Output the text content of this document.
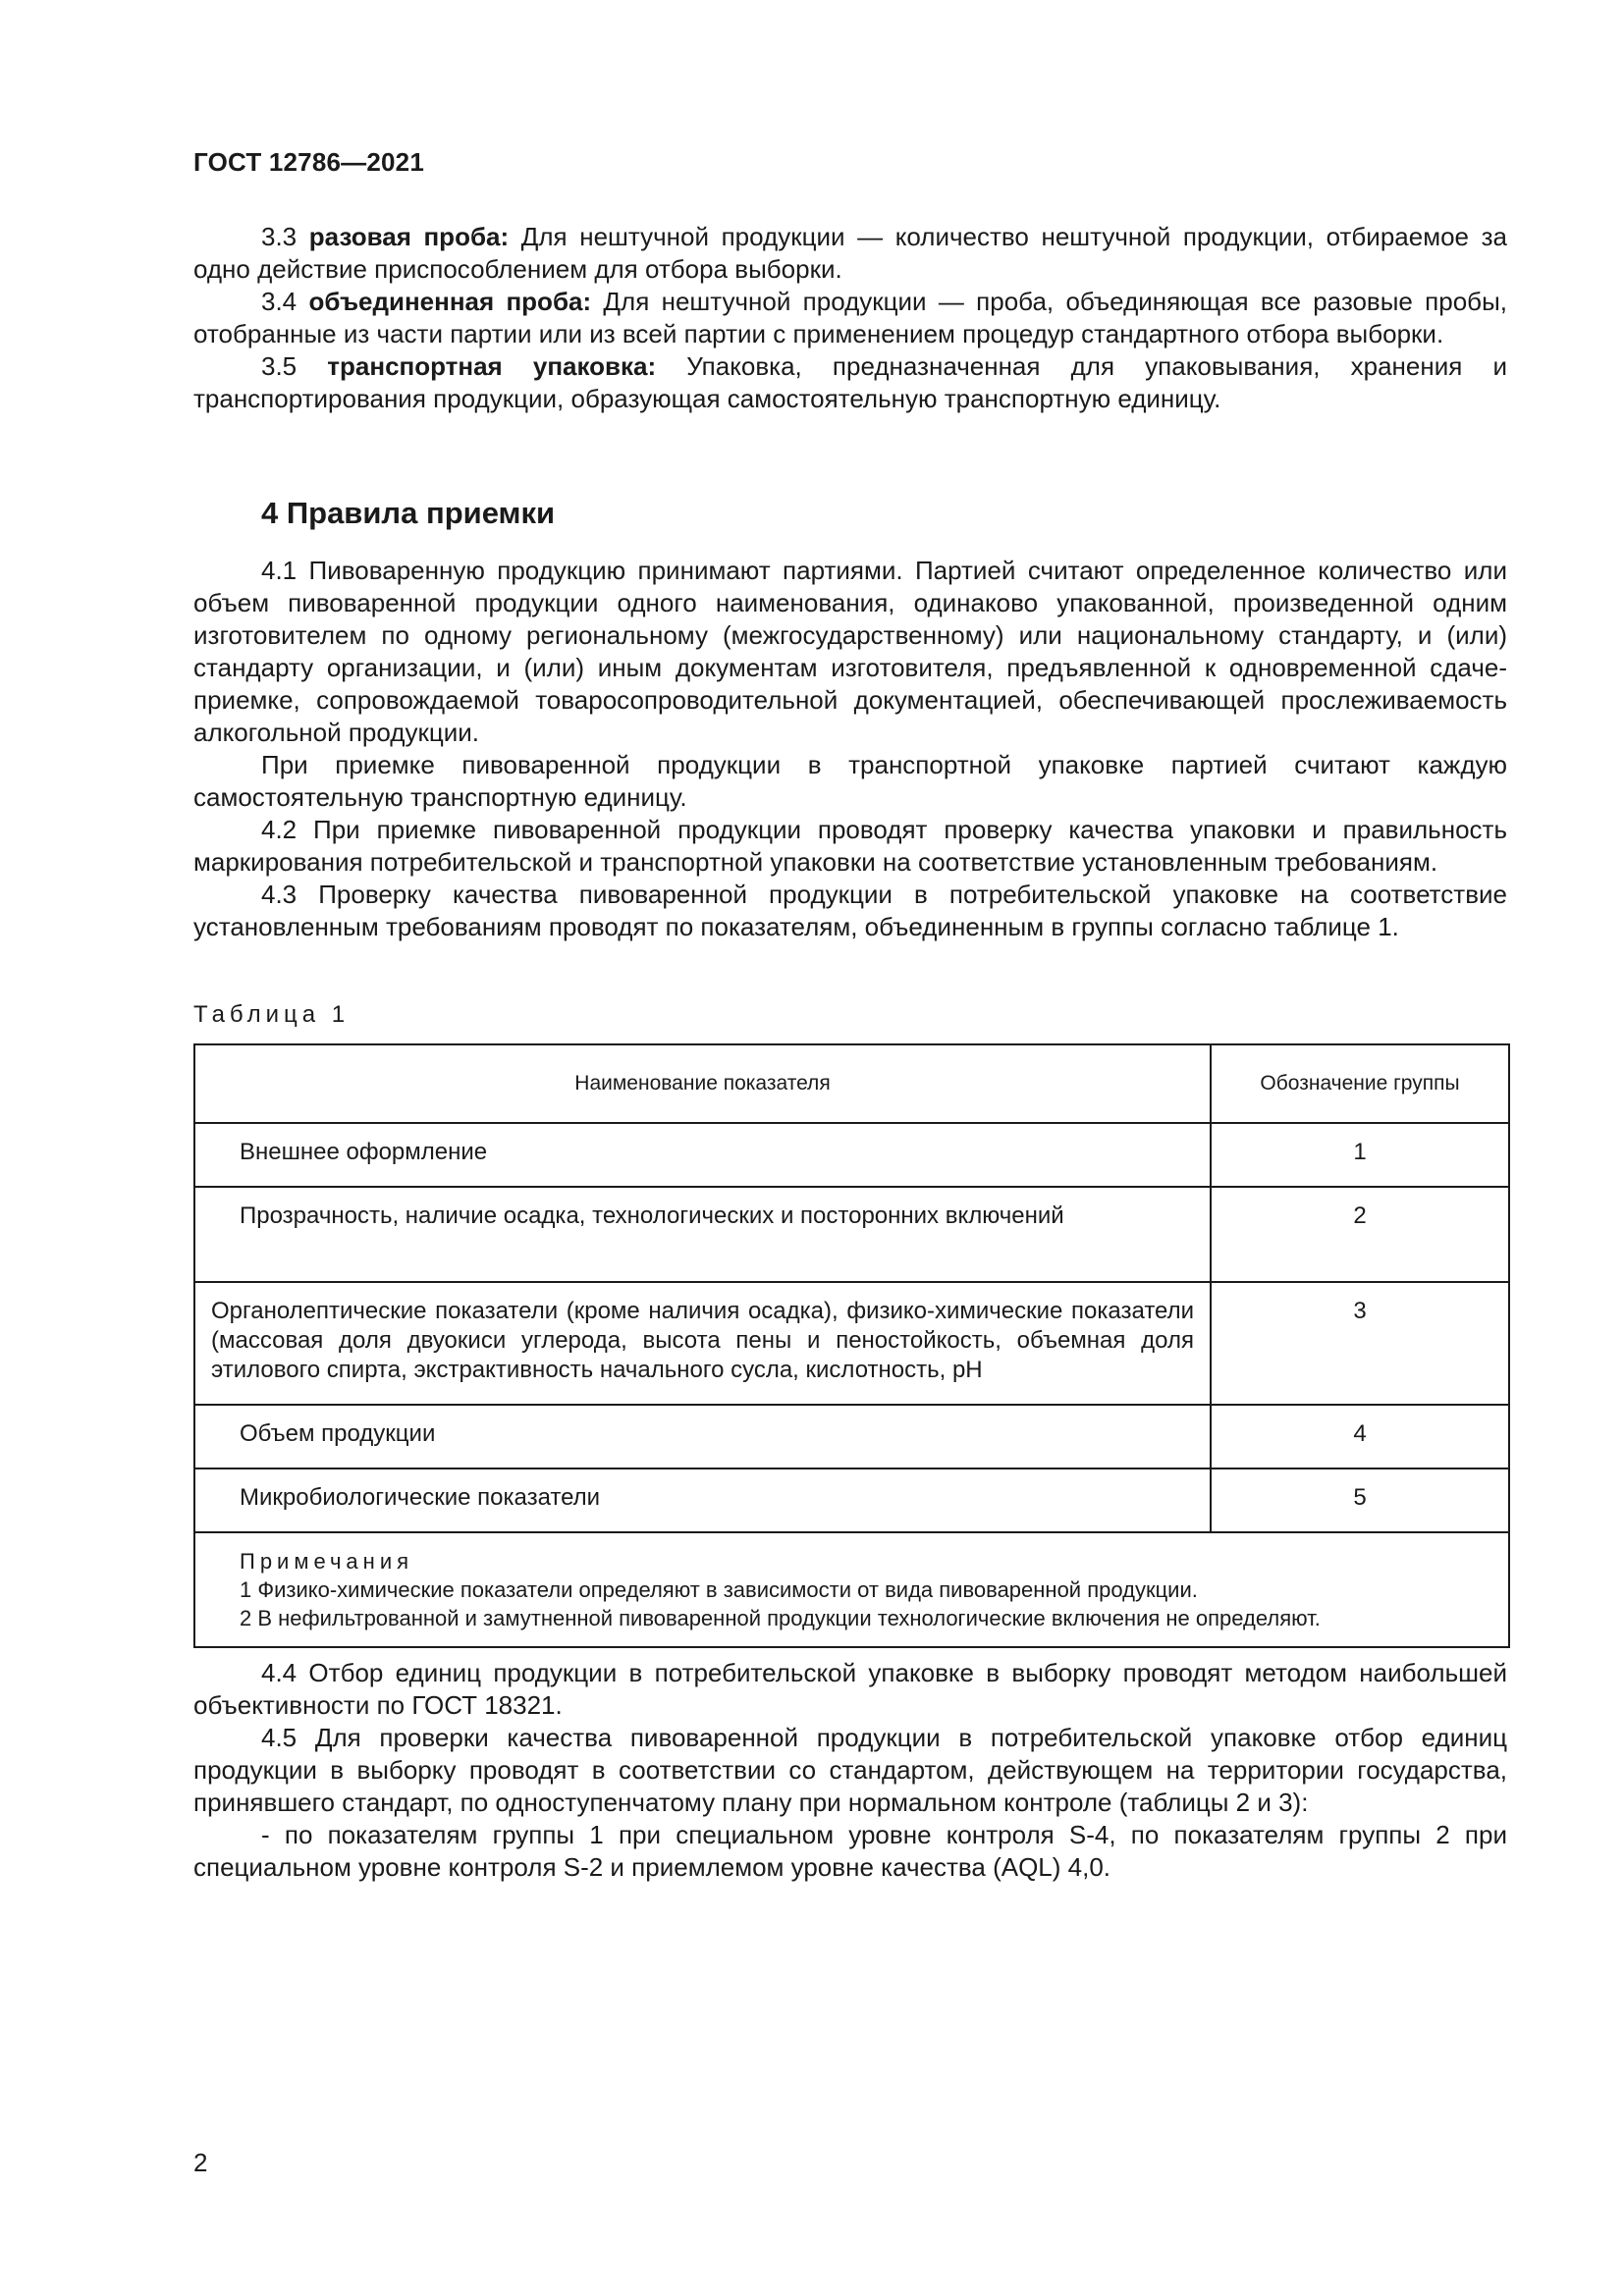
ГОСТ 12786—2021

3.3 разовая проба: Для нештучной продукции — количество нештучной продукции, отбираемое за одно действие приспособлением для отбора выборки.

3.4 объединенная проба: Для нештучной продукции — проба, объединяющая все разовые пробы, отобранные из части партии или из всей партии с применением процедур стандартного отбора выборки.

3.5 транспортная упаковка: Упаковка, предназначенная для упаковывания, хранения и транспортирования продукции, образующая самостоятельную транспортную единицу.

4 Правила приемки

4.1 Пивоваренную продукцию принимают партиями. Партией считают определенное количество или объем пивоваренной продукции одного наименования, одинаково упакованной, произведенной одним изготовителем по одному региональному (межгосударственному) или национальному стандарту, и (или) стандарту организации, и (или) иным документам изготовителя, предъявленной к одновременной сдаче-приемке, сопровождаемой товаросопроводительной документацией, обеспечивающей прослеживаемость алкогольной продукции.

При приемке пивоваренной продукции в транспортной упаковке партией считают каждую самостоятельную транспортную единицу.

4.2 При приемке пивоваренной продукции проводят проверку качества упаковки и правильность маркирования потребительской и транспортной упаковки на соответствие установленным требованиям.

4.3 Проверку качества пивоваренной продукции в потребительской упаковке на соответствие установленным требованиям проводят по показателям, объединенным в группы согласно таблице 1.

Таблица 1
Наименование показателя	Обозначение группы
Внешнее оформление	1
Прозрачность, наличие осадка, технологических и посторонних включений	2
Органолептические показатели (кроме наличия осадка), физико-химические показатели (массовая доля двуокиси углерода, высота пены и пеностойкость, объемная доля этилового спирта, экстрактивность начального сусла, кислотность, pH	3
Объем продукции	4
Микробиологические показатели	5

Примечания
1 Физико-химические показатели определяют в зависимости от вида пивоваренной продукции.
2 В нефильтрованной и замутненной пивоваренной продукции технологические включения не определяют.	

4.4 Отбор единиц продукции в потребительской упаковке в выборку проводят методом наибольшей объективности по ГОСТ 18321.

4.5 Для проверки качества пивоваренной продукции в потребительской упаковке отбор единиц продукции в выборку проводят в соответствии со стандартом, действующем на территории государства, принявшего стандарт, по одноступенчатому плану при нормальном контроле (таблицы 2 и 3):

- по показателям группы 1 при специальном уровне контроля S-4, по показателям группы 2 при специальном уровне контроля S-2 и приемлемом уровне качества (AQL) 4,0.

2
